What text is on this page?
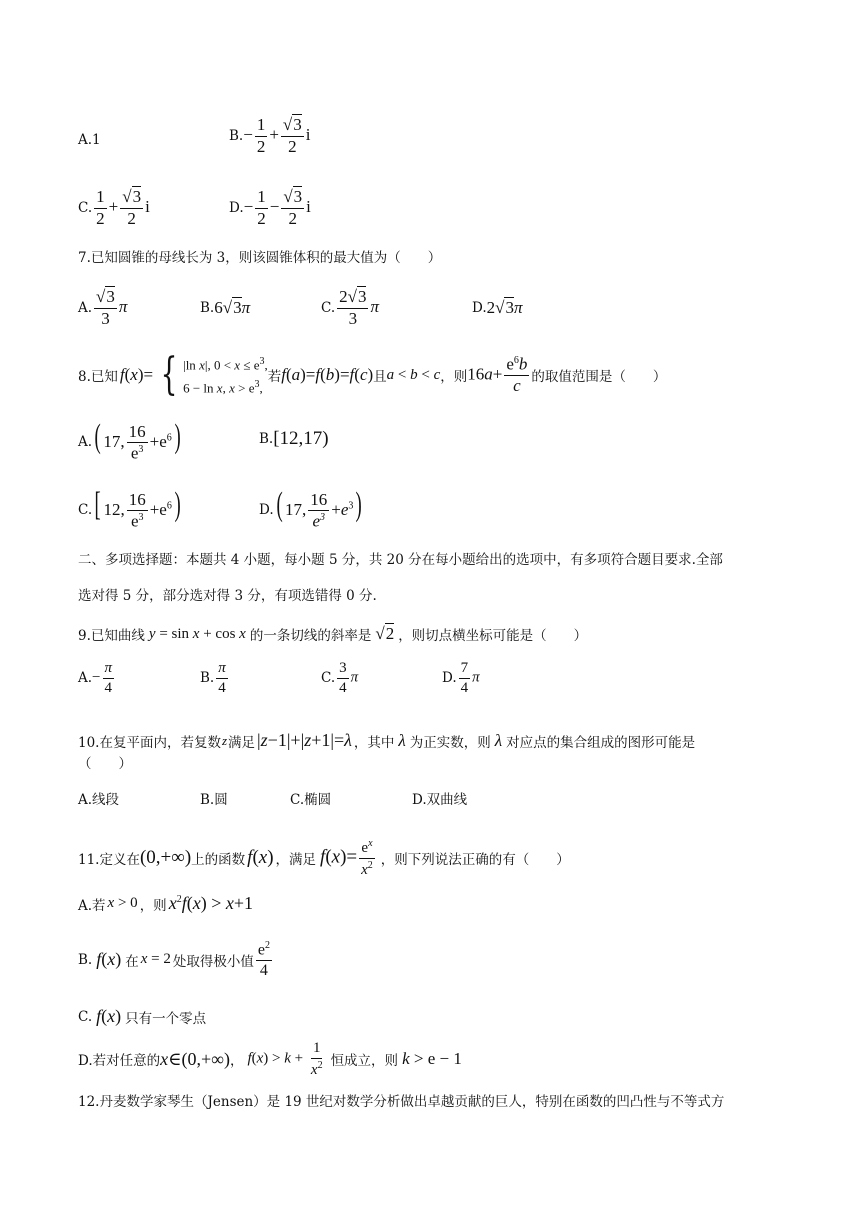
A.1	B. − $\frac{1}{2} + \frac{√3}{2}$ i
C. $\frac{1}{2} + \frac{√3}{2}$ i	D. − $\frac{1}{2} - \frac{√3}{2}$ i
7.已知圆锥的母线长为 3，则该圆锥体积的最大值为（　　）
A. $\frac{√3}{3}$ π	B. 6√3π	C. $\frac{2√3}{3}$ π	D. 2√3π
8.已知 f(x)= { |ln x|, $0 < x \le e^3$,
6 − ln x, $x > e^3$,
若 f(a)=f(b)=f(c) 且 a < b < c ，则 $16a+ \frac{e^6b}{c}$ 的取值范围是（　　）
A. ( 17, $\frac{16}{e^3} +e^6$)	B. [12,17)
C. [ 12, $\frac{16}{e^3} +e^6$)	D. ( 17, $\frac{16}{e^3} +e^3$)
二、多项选择题：本题共 4 小题，每小题 5 分，共 20 分在每小题给出的选项中，有多项符合题目要求.全部
选对得 5 分，部分选对得 3 分，有项选错得 0 分.
9.已知曲线 y = sin x + cos x 的一条切线的斜率是 √2 ，则切点横坐标可能是（　　）
A. − $\frac{\pi}{4}$	B. $\frac{\pi}{4}$	C. $\frac{3}{4}$ π	D. $\frac{7}{4}$ π
10.在复平面内，若复数 z 满足 |z−1|+|z+1|=λ ，其中 λ 为正实数，则 λ 对应点的集合组成的图形可能是
（　　）
A.线段	B.圆	C.椭圆	D.双曲线
11.定义在 (0,+∞) 上的函数 f(x) ，满足 $f(x)= \frac{e^x}{x^2}$ ，则下列说法正确的有（　　）
A.若 x > 0 ，则 $x^2f(x) > x+1$
B. f(x) 在 x = 2 处取得极小值 $\frac{e^2}{4}$
C. f(x) 只有一个零点
D.若对任意的 x∈(0,+∞) ， $f(x) > k + \frac{1}{x^2}$ 恒成立，则 k > e − 1
12.丹麦数学家琴生（Jensen）是 19 世纪对数学分析做出卓越贡献的巨人，特别在函数的凹凸性与不等式方
